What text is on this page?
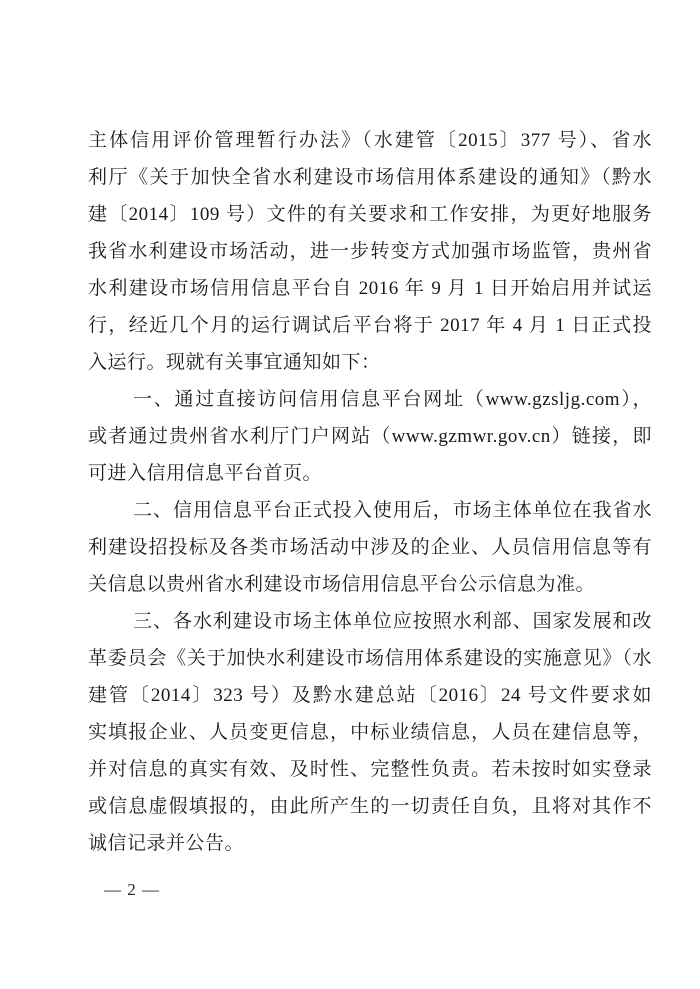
主体信用评价管理暂行办法》（水建管〔2015〕377 号）、省水

利厅《关于加快全省水利建设市场信用体系建设的通知》（黔水

建〔2014〕109 号）文件的有关要求和工作安排，为更好地服务

我省水利建设市场活动，进一步转变方式加强市场监管，贵州省

水利建设市场信用信息平台自 2016 年 9 月 1 日开始启用并试运

行，经近几个月的运行调试后平台将于 2017 年 4 月 1 日正式投

入运行。现就有关事宜通知如下：

一、通过直接访问信用信息平台网址（www.gzsljg.com），

或者通过贵州省水利厅门户网站（www.gzmwr.gov.cn）链接，即

可进入信用信息平台首页。

二、信用信息平台正式投入使用后，市场主体单位在我省水

利建设招投标及各类市场活动中涉及的企业、人员信用信息等有

关信息以贵州省水利建设市场信用信息平台公示信息为准。

三、各水利建设市场主体单位应按照水利部、国家发展和改

革委员会《关于加快水利建设市场信用体系建设的实施意见》（水

建管〔2014〕323 号）及黔水建总站〔2016〕24 号文件要求如

实填报企业、人员变更信息，中标业绩信息，人员在建信息等，

并对信息的真实有效、及时性、完整性负责。若未按时如实登录

或信息虚假填报的，由此所产生的一切责任自负，且将对其作不

诚信记录并公告。

— 2 —
